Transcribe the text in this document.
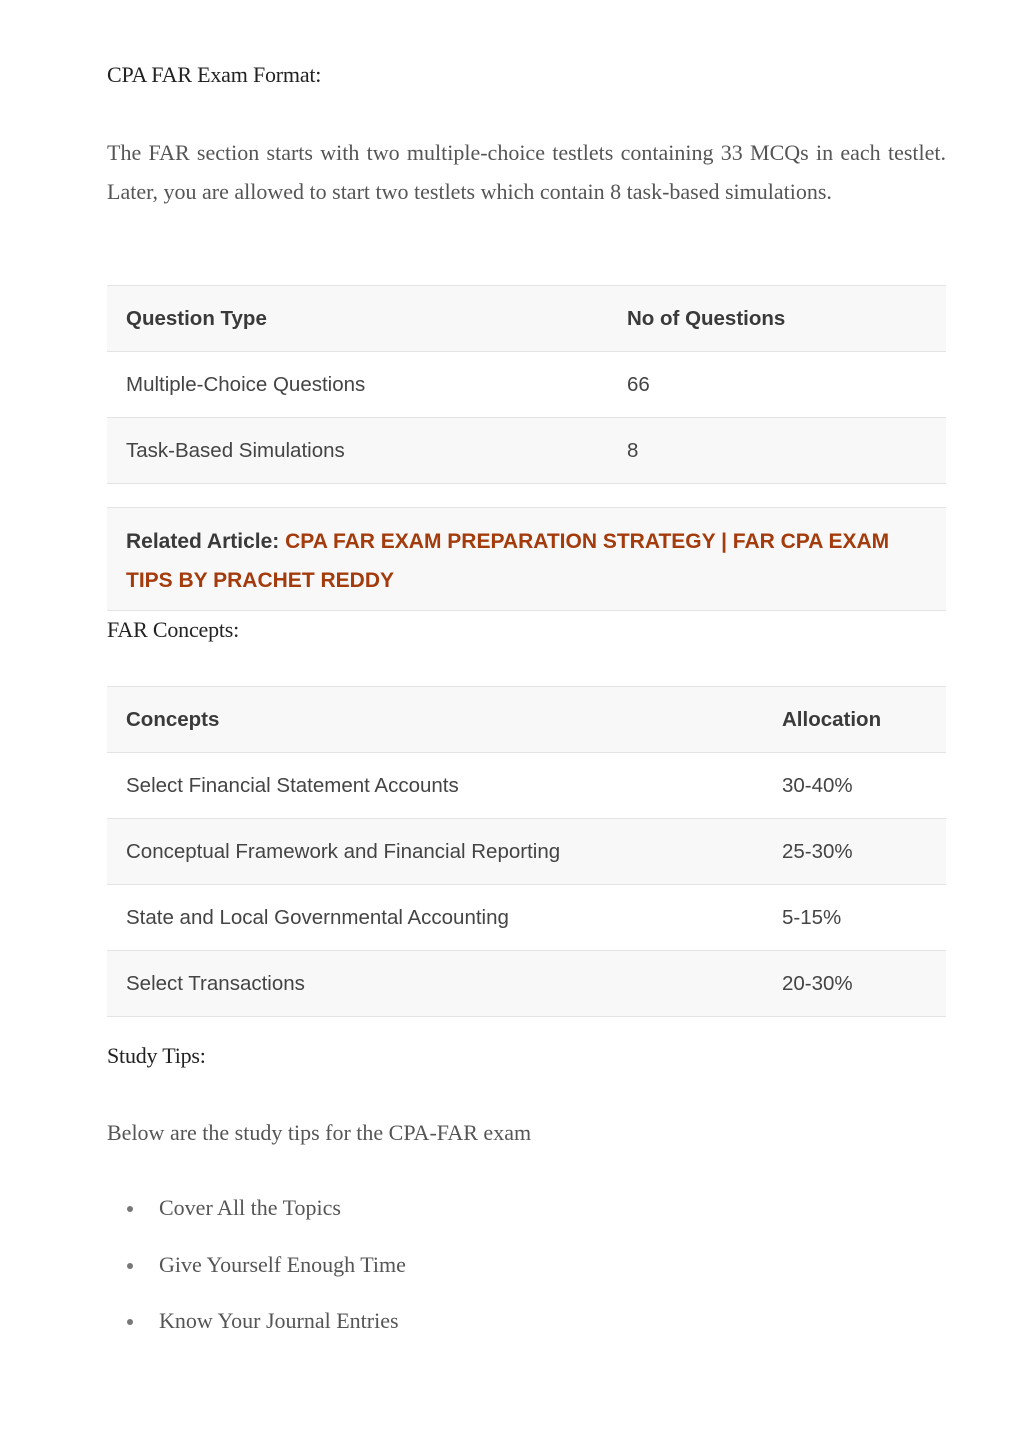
CPA FAR Exam Format:

The FAR section starts with two multiple-choice testlets containing 33 MCQs in each testlet. Later, you are allowed to start two testlets which contain 8 task-based simulations.

Question Type	No of Questions
Multiple-Choice Questions	66
Task-Based Simulations	8
Related Article: CPA FAR EXAM PREPARATION STRATEGY | FAR CPA EXAM TIPS BY PRACHET REDDY
FAR Concepts:
Concepts	Allocation
Select Financial Statement Accounts	30-40%
Conceptual Framework and Financial Reporting	25-30%
State and Local Governmental Accounting	5-15%
Select Transactions	20-30%
Study Tips:

Below are the study tips for the CPA-FAR exam

Cover All the Topics
Give Yourself Enough Time
Know Your Journal Entries
